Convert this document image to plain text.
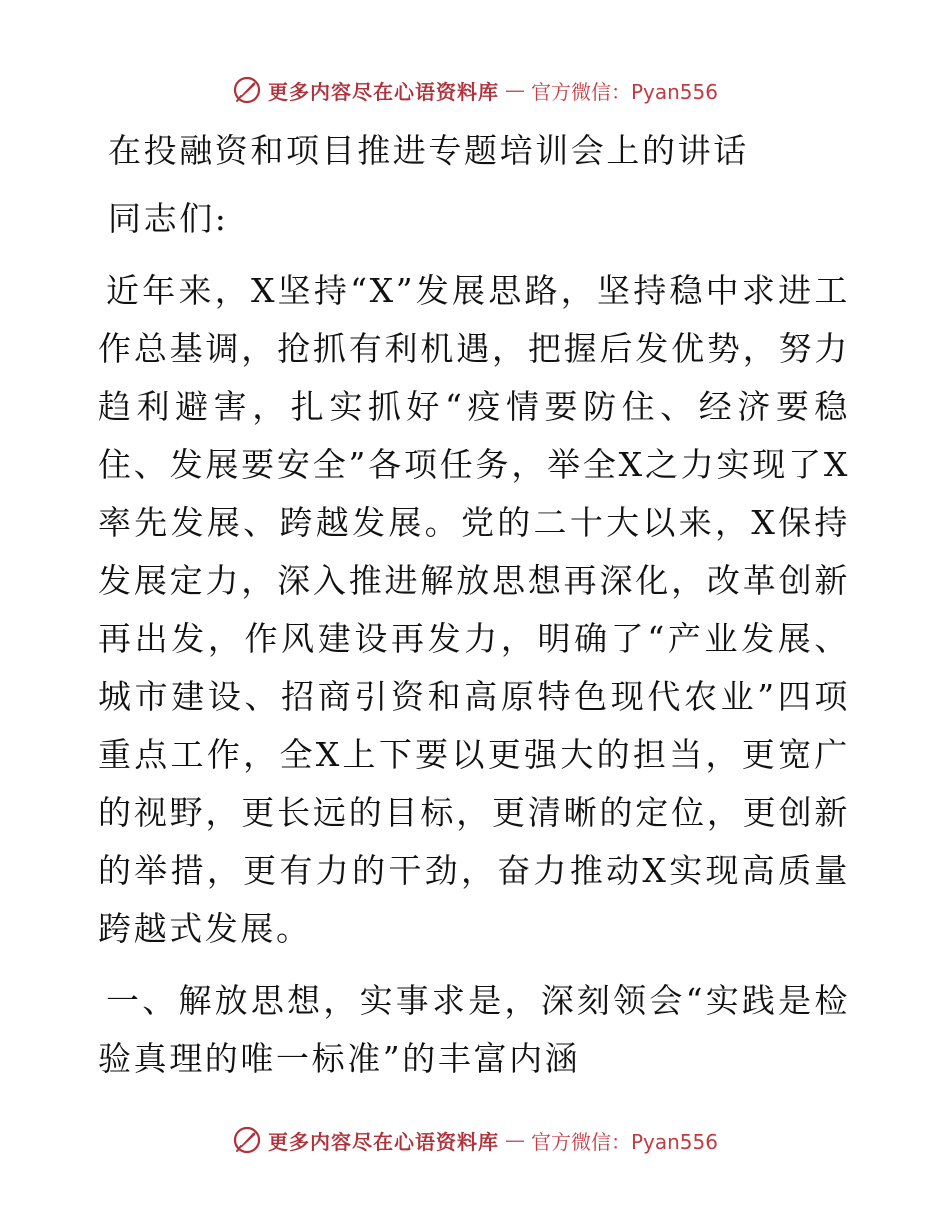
更多内容尽在心语资料库 — 官方微信：Pyan556

在投融资和项目推进专题培训会上的讲话

同志们:

近年来，X坚持“X”发展思路，坚持稳中求进工作总基调，抢抓有利机遇，把握后发优势，努力趋利避害，扎实抓好“疫情要防住、经济要稳住、发展要安全”各项任务，举全X之力实现了X率先发展、跨越发展。党的二十大以来，X保持发展定力，深入推进解放思想再深化，改革创新再出发，作风建设再发力，明确了“产业发展、城市建设、招商引资和高原特色现代农业”四项重点工作，全X上下要以更强大的担当，更宽广的视野，更长远的目标，更清晰的定位，更创新的举措，更有力的干劲，奋力推动X实现高质量跨越式发展。

一、解放思想，实事求是，深刻领会“实践是检验真理的唯一标准”的丰富内涵

更多内容尽在心语资料库 — 官方微信：Pyan556
